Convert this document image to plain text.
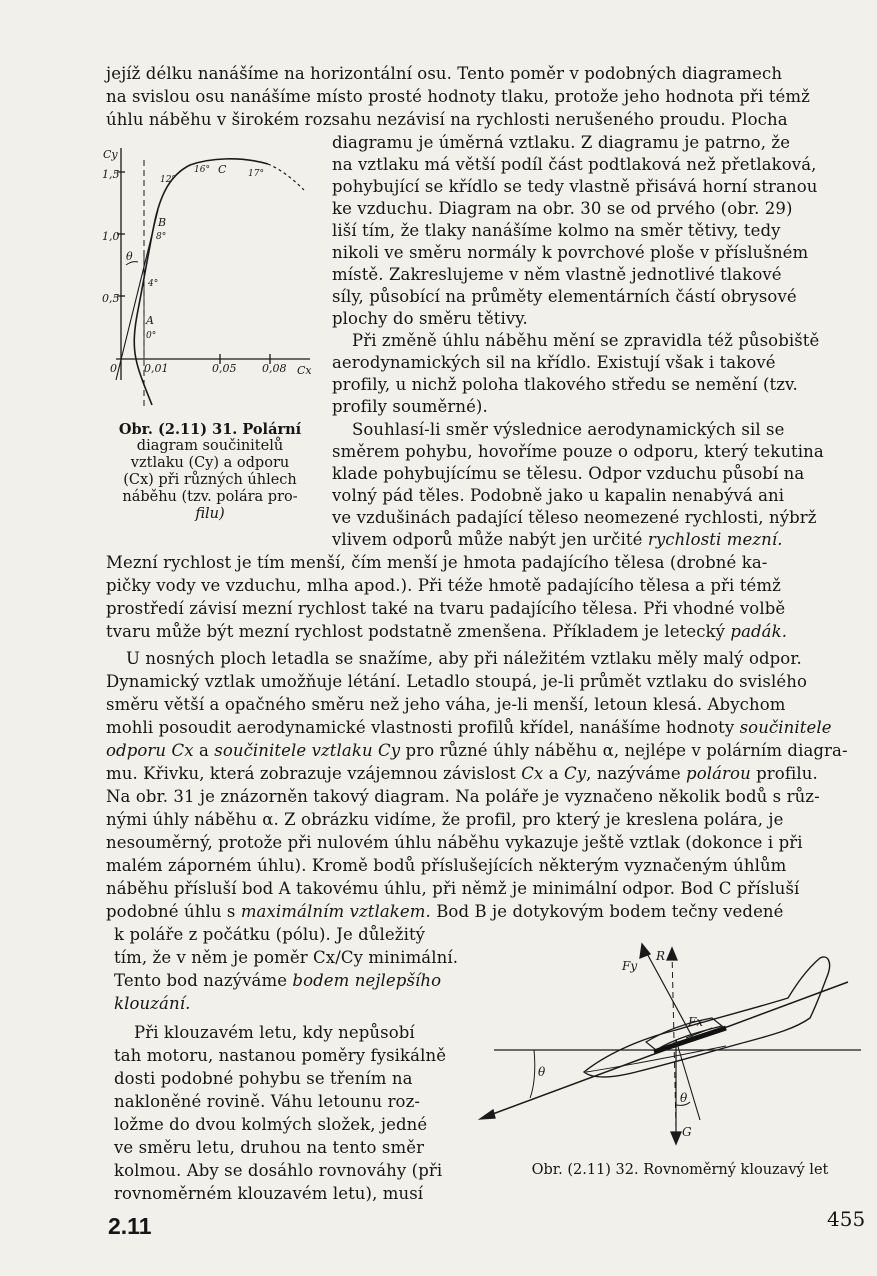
jejíž délku nanášíme na horizontální osu. Tento poměr v podobných diagramech

na svislou osu nanášíme místo prosté hodnoty tlaku, protože jeho hodnota při témž

úhlu náběhu v širokém rozsahu nezávisí na rychlosti nerušeného proudu. Plocha

diagramu je úměrná vztlaku. Z diagramu je patrno, že

na vztlaku má větší podíl část podtlaková než přetlaková,

pohybující se křídlo se tedy vlastně přisává horní stranou

ke vzduchu. Diagram na obr. 30 se od prvého (obr. 29)

liší tím, že tlaky nanášíme kolmo na směr tětivy, tedy

nikoli ve směru normály k povrchové ploše v příslušném

místě. Zakreslujeme v něm vlastně jednotlivé tlakové

síly, působící na průměty elementárních částí obrysové

plochy do směru tětivy.

Při změně úhlu náběhu mění se zpravidla též působiště

aerodynamických sil na křídlo. Existují však i takové

profily, u nichž poloha tlakového středu se nemění (tzv.

profily souměrné).

Souhlasí-li směr výslednice aerodynamických sil se

směrem pohybu, hovoříme pouze o odporu, který tekutina

klade pohybujícímu se tělesu. Odpor vzduchu působí na

volný pád těles. Podobně jako u kapalin nenabývá ani

ve vzdušinách padající těleso neomezené rychlosti, nýbrž

vlivem odporů může nabýt jen určité rychlosti mezní.

Cy
Cx
1,5
1,0
0,5
0 0,01	0,05 0,08
A
B
C
0°
4°
8°
12°
16°	17°
θ

Obr. (2.11) 31. Polární

diagram součinitelů

vztlaku (Cy) a odporu

(Cx) při různých úhlech

náběhu (tzv. polára pro-

filu)

Mezní rychlost je tím menší, čím menší je hmota padajícího tělesa (drobné ka-

pičky vody ve vzduchu, mlha apod.). Při téže hmotě padajícího tělesa a při témž

prostředí závisí mezní rychlost také na tvaru padajícího tělesa. Při vhodné volbě

tvaru může být mezní rychlost podstatně zmenšena. Příkladem je letecký padák.

U nosných ploch letadla se snažíme, aby při náležitém vztlaku měly malý odpor.

Dynamický vztlak umožňuje létání. Letadlo stoupá, je-li průmět vztlaku do svislého

směru větší a opačného směru než jeho váha, je-li menší, letoun klesá. Abychom

mohli posoudit aerodynamické vlastnosti profilů křídel, nanášíme hodnoty součinitele

odporu Cx a součinitele vztlaku Cy pro různé úhly náběhu α, nejlépe v polárním diagra-

mu. Křivku, která zobrazuje vzájemnou závislost Cx a Cy, nazýváme polárou profilu.

Na obr. 31 je znázorněn takový diagram. Na poláře je vyznačeno několik bodů s růz-

nými úhly náběhu α. Z obrázku vidíme, že profil, pro který je kreslena polára, je

nesouměrný, protože při nulovém úhlu náběhu vykazuje ještě vztlak (dokonce i při

malém záporném úhlu). Kromě bodů příslušejících některým vyznačeným úhlům

náběhu přísluší bod A takovému úhlu, při němž je minimální odpor. Bod C přísluší

podobné úhlu s maximálním vztlakem. Bod B je dotykovým bodem tečny vedené

k poláře z počátku (pólu). Je důležitý

tím, že v něm je poměr Cx/Cy minimální.

Tento bod nazýváme bodem nejlepšího

klouzání.

Při klouzavém letu, kdy nepůsobí

tah motoru, nastanou poměry fysikálně

dosti podobné pohybu se třením na

nakloněné rovině. Váhu letounu roz-

ložme do dvou kolmých složek, jedné

ve směru letu, druhou na tento směr

kolmou. Aby se dosáhlo rovnováhy (při

rovnoměrném klouzavém letu), musí

Fy
R
Fx
θ
θ
G

Obr. (2.11) 32. Rovnoměrný klouzavý let

2.11	455
